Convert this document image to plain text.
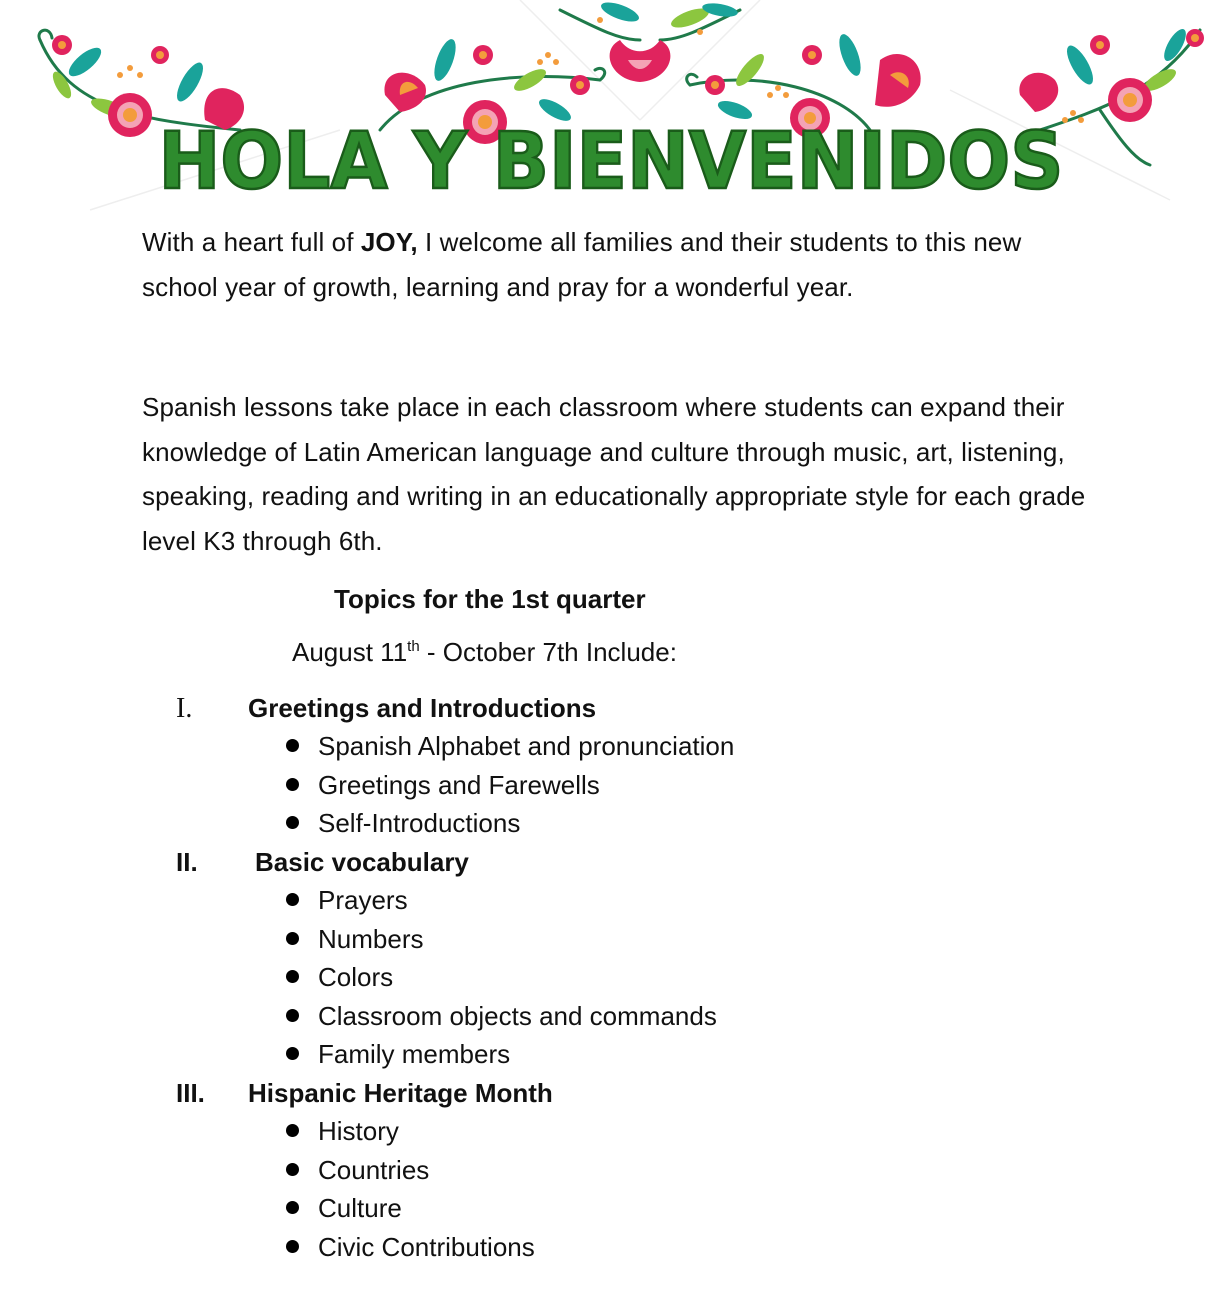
HOLA Y BIENVENIDOS

With a heart full of JOY, I welcome all families and their students to this new school year of growth, learning and pray for a wonderful year.

Spanish lessons take place in each classroom where students can expand their knowledge of Latin American language and culture through music, art, listening, speaking, reading and writing in an educationally appropriate style for each grade level K3 through 6th.

Topics for the 1st quarter

August 11th - October 7th Include:

I. Greetings and Introductions
Spanish Alphabet and pronunciation
Greetings and Farewells
Self-Introductions
II. Basic vocabulary
Prayers
Numbers
Colors
Classroom objects and commands
Family members
III. Hispanic Heritage Month
History
Countries
Culture
Civic Contributions
